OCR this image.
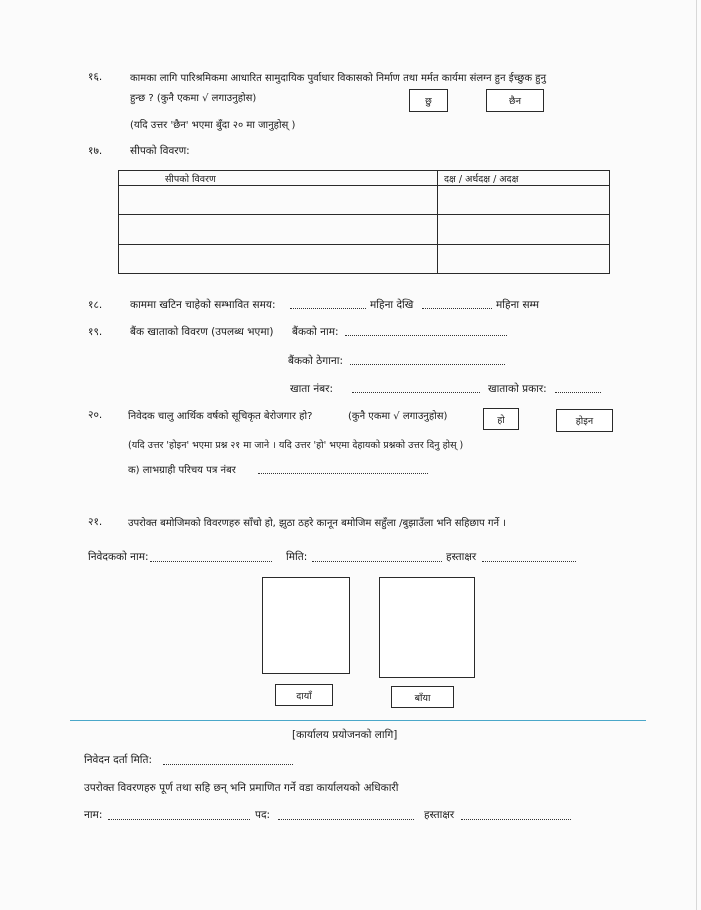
१६.	कामका लागि पारिश्रमिकमा आधारित सामुदायिक पुर्वाधार विकासको निर्माण तथा मर्मत कार्यमा संलग्न हुन ईच्छुक हुनु
हुन्छ ? (कुनै एकमा √ लगाउनुहोस)	छु	छैन
(यदि उत्तर 'छैन' भएमा बुँदा २० मा जानुहोस् )
१७.	सीपको विवरण:
सीपको विवरण	दक्ष / अर्धदक्ष / अदक्ष

१८.	काममा खटिन चाहेको सम्भावित समय:	महिना देखि	महिना सम्म
१९.	बैंक खाताको विवरण (उपलब्ध भएमा) बैंकको नाम:
बैंकको ठेगाना:
खाता नंबर:	खाताको प्रकार:
२०.	निवेदक चालु आर्थिक वर्षको सूचिकृत बेरोजगार हो?	(कुनै एकमा √ लगाउनुहोस)	हो	होइन
(यदि उत्तर 'होइन' भएमा प्रश्न २१ मा जाने । यदि उत्तर 'हो' भएमा देहायको प्रश्नको उत्तर दिनु होस् )
क) लाभग्राही परिचय पत्र नंबर
२१.	उपरोक्त बमोजिमको विवरणहरु साँचो हो, झुठा ठहरे कानून बमोजिम सहुँला /बुझाउँला भनि सहिछाप गर्ने ।
निवेदकको नाम:	मिति:	हस्ताक्षर
दायाँ	बाँया
[कार्यालय प्रयोजनको लागि]
निवेदन दर्ता मिति:
उपरोक्त विवरणहरु पूर्ण तथा सहि छन् भनि प्रमाणित गर्ने वडा कार्यालयको अधिकारी
नाम:	पद:	हस्ताक्षर
